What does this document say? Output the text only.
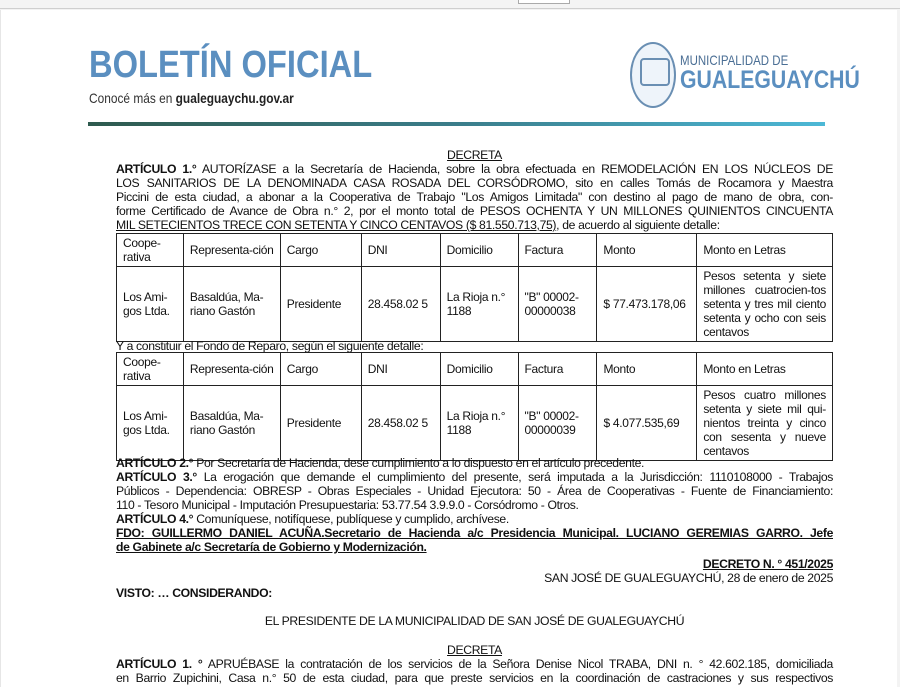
BOLETÍN OFICIAL
Conocé más en gualeguaychu.gov.ar
MUNICIPALIDAD DE
GUALEGUAYCHÚ
DECRETA
ARTÍCULO 1.° AUTORÍZASE a la Secretaría de Hacienda, sobre la obra efectuada en REMODELACIÓN EN LOS NÚCLEOS DE
LOS SANITARIOS DE LA DENOMINADA CASA ROSADA DEL CORSÓDROMO, sito en calles Tomás de Rocamora y Maestra
Piccini de esta ciudad, a abonar a la Cooperativa de Trabajo "Los Amigos Limitada" con destino al pago de mano de obra, con-
forme Certificado de Avance de Obra n.° 2, por el monto total de PESOS OCHENTA Y UN MILLONES QUINIENTOS CINCUENTA
MIL SETECIENTOS TRECE CON SETENTA Y CINCO CENTAVOS ($ 81.550.713,75), de acuerdo al siguiente detalle:
Coope-rativa	Representa-ción	Cargo	DNI	Domicilio	Factura	Monto	Monto en Letras
Los Ami-gos Ltda.	Basaldúa, Ma-riano Gastón	Presidente	28.458.02 5	La Rioja n.° 1188	"B" 00002-00000038	$ 77.473.178,06	Pesos setenta y siete millones cuatrocien-tos setenta y tres mil ciento setenta y ocho con seis centavos
Y a constituir el Fondo de Reparo, según el siguiente detalle:
Coope-rativa	Representa-ción	Cargo	DNI	Domicilio	Factura	Monto	Monto en Letras
Los Ami-gos Ltda.	Basaldúa, Ma-riano Gastón	Presidente	28.458.02 5	La Rioja n.° 1188	"B" 00002-00000039	$ 4.077.535,69	Pesos cuatro millones setenta y siete mil qui-nientos treinta y cinco con sesenta y nueve centavos
ARTÍCULO 2.° Por Secretaría de Hacienda, dese cumplimiento a lo dispuesto en el artículo precedente.
ARTÍCULO 3.° La erogación que demande el cumplimiento del presente, será imputada a la Jurisdicción: 1110108000 - Trabajos
Públicos - Dependencia: OBRESP - Obras Especiales - Unidad Ejecutora: 50 - Área de Cooperativas - Fuente de Financiamiento:
110 - Tesoro Municipal - Imputación Presupuestaria: 53.77.54 3.9.9.0 - Corsódromo - Otros.
ARTÍCULO 4.° Comuníquese, notifíquese, publíquese y cumplido, archívese.
FDO: GUILLERMO DANIEL ACUÑA.Secretario de Hacienda a/c Presidencia Municipal. LUCIANO GEREMIAS GARRO. Jefe
de Gabinete a/c Secretaría de Gobierno y Modernización.
DECRETO N. ° 451/2025
SAN JOSÉ DE GUALEGUAYCHÚ, 28 de enero de 2025
VISTO: … CONSIDERANDO:
EL PRESIDENTE DE LA MUNICIPALIDAD DE SAN JOSÉ DE GUALEGUAYCHÚ
DECRETA
ARTÍCULO 1. ° APRUÉBASE la contratación de los servicios de la Señora Denise Nicol TRABA, DNI n. ° 42.602.185, domiciliada
en Barrio Zupichini, Casa n.° 50 de esta ciudad, para que preste servicios en la coordinación de castraciones y sus respectivos
